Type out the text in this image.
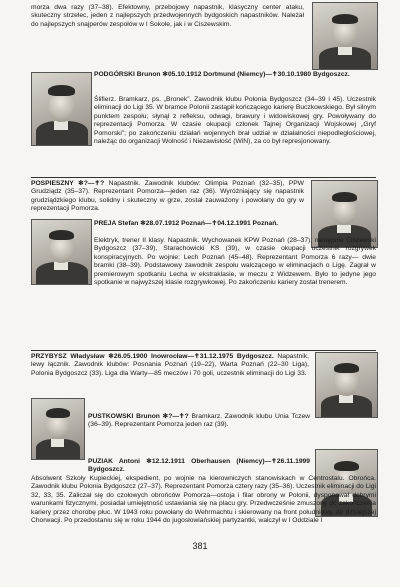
morza dwa razy (37–38). Efektowny, przebojowy napastnik, klasyczny center ataku, skuteczny strzelec, jeden z najlepszych przedwojennych bydgoskich napastników. Należał do najlepszych snajperów zespołów w I Sokole, jak i w Ciszewskim.

PODGÓRSKI Brunon ✻05.10.1912 Dortmund (Niemcy)—✝30.10.1980 Bydgoszcz.

Ślifierz. Bramkarz, ps. „Bronek”. Zawodnik klubu Polonia Bydgoszcz (34–39 i 45). Uczestnik eliminacji do Ligi 35. W bramce Polonii zastąpił kończącego karierę Buczkowskiego. Był silnym punktem zespołu; słynął z refleksu, odwagi, brawury i widowiskowej gry. Powoływany do reprezentacji Pomorza. W czasie okupacji członek Tajnej Organizacji Wojskowej „Gryf Pomorski”; po zakończeniu działań wojennych brał udział w działalności niepodległościowej, należąc do organizacji Wolność i Niezawisłość (WiN), za co był represjonowany.

POSPIESZNY ✻?—✝? Napastnik. Zawodnik klubów: Olimpia Poznań (32–35), PPW Grudziądz (35–37). Reprezentant Pomorza—jeden raz (36). Wyróżniający się napastnik grudziądzkiego klubu, solidny i skuteczny w grze, został zauważony i powołany do gry w reprezentacji Pomorza.

PREJA Stefan ✻28.07.1912 Poznań—✝04.12.1991 Poznań.

Elektryk, trener II klasy. Napastnik. Wychowanek KPW Poznań (28–37), następnie Ciszewski Bydgoszcz (37–39), Starachowicki KS (39), w czasie okupacji uczestnik rozgrywek konspiracyjnych. Po wojnie: Lech Poznań (45–48). Reprezentant Pomorza 6 razy— dwie bramki (38–39). Podstawowy zawodnik zespołu walczącego w eliminacjach o Ligę. Zagrał w premierowym spotkaniu Lecha w ekstraklasie, w meczu z Widzewem. Było to jedyne jego spotkanie w najwyższej klasie rozgrywkowej. Po zakończeniu kariery został trenerem.

PRZYBYSZ Władysław ✻26.05.1900 Inowrocław—✝31.12.1975 Bydgoszcz. Napastnik, lewy łącznik. Zawodnik klubów: Posnania Poznań (19–22), Warta Poznań (22–30 Liga), Polonia Bydgoszcz (33). Liga dla Warty—85 meczów i 70 goli, uczestnik eliminacji do Ligi 33.

PUSTKOWSKI Brunon ✻?—✝? Bramkarz. Zawodnik klubu Unia Tczew (36–39). Reprezentant Pomorza jeden raz (39).

PUZIAK Antoni ✻12.12.1911 Oberhausen (Niemcy)—✝26.11.1999 Bydgoszcz.

Absolwent Szkoły Kupieckiej, ekspedient, po wojnie na kierowniczych stanowiskach w Centrostalu. Obrońca. Zawodnik klubu Polonia Bydgoszcz (27–37). Reprezentant Pomorza cztery razy (35–36). Uczestnik eliminacji do Ligi 32, 33, 35. Zaliczał się do czołowych obrońców Pomorza—ostoja i filar obrony w Polonii, dysponował dobrymi warunkami fizycznymi, posiadał umiejętność ustawiania się na placu gry. Przedwcześnie zmuszony do zakończenia kariery przez chorobę płuc. W 1943 roku powołany do Wehrmachtu i skierowany na front południowy, do dzisiejszej Chorwacji. Po przedostaniu się w roku 1944 do jugosłowiańskiej partyzantki, walczył w I Oddziale I

381
